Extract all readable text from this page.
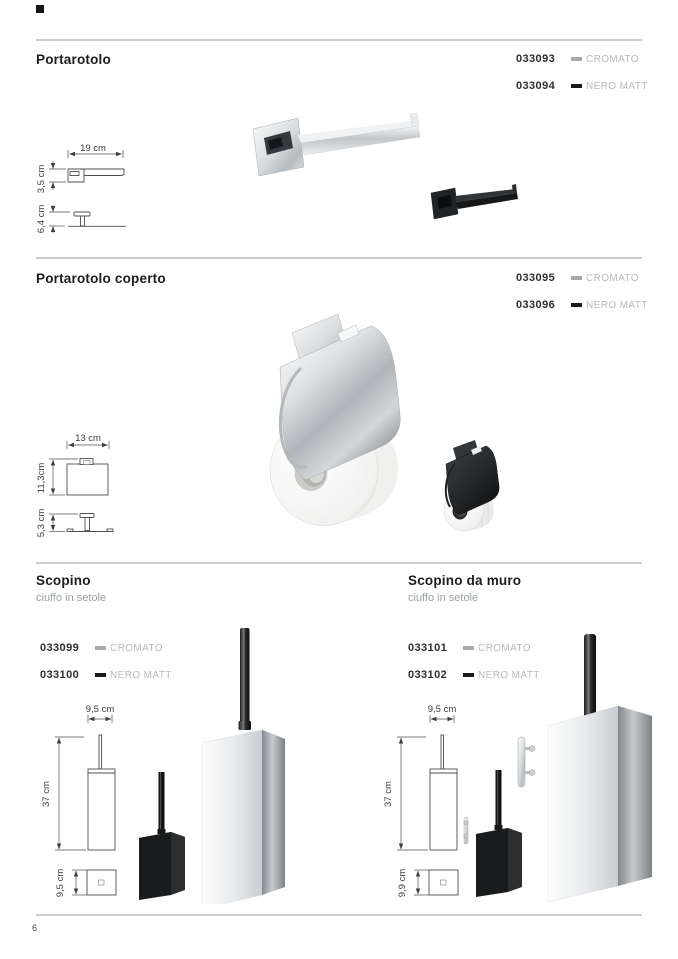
Portarotolo	033093	CROMATO
033094	NERO MATT
19 cm
3,5 cm
6,4 cm
Portarotolo coperto	033095	CROMATO
033096	NERO MATT
13 cm
11,3cm
5,3 cm
Scopino
ciuffo in setole
Scopino da muro
ciuffo in setole
033099	CROMATO
033100	NERO MATT
033101	CROMATO
033102	NERO MATT
9,5 cm
37 cm
9,5 cm
9,5 cm
37 cm
9,9 cm
6
